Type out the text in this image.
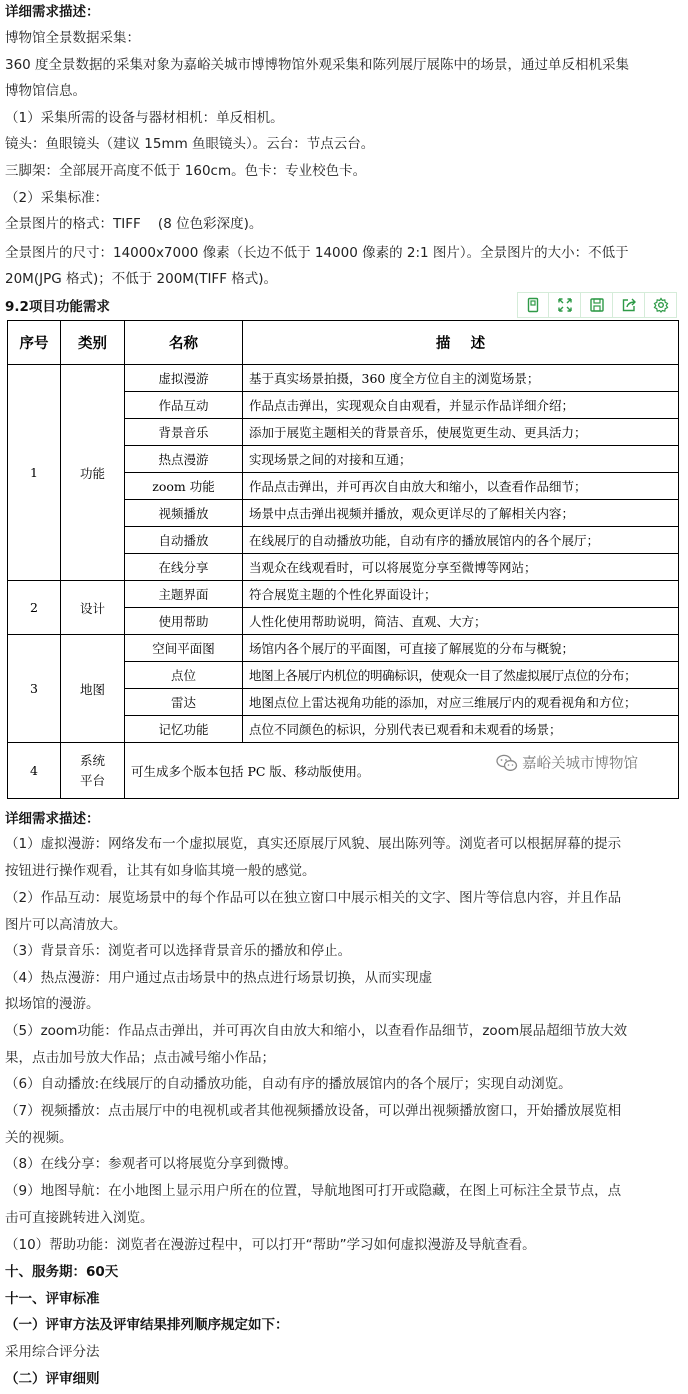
详细需求描述：
博物馆全景数据采集：
360 度全景数据的采集对象为嘉峪关城市博博物馆外观采集和陈列展厅展陈中的场景，通过单反相机采集
博物馆信息。
（1）采集所需的设备与器材相机：单反相机。
镜头：鱼眼镜头（建议 15mm 鱼眼镜头）。云台：节点云台。
三脚架：全部展开高度不低于 160cm。色卡：专业校色卡。
（2）采集标准：
全景图片的格式：TIFF    (8 位色彩深度)。
全景图片的尺寸：14000x7000 像素（长边不低于 14000 像素的 2:1 图片）。全景图片的大小：不低于
20M(JPG 格式)；不低于 200M(TIFF 格式)。
9.2项目功能需求
序号	类别	名称	描    述
1	功能	虚拟漫游	基于真实场景拍摄，360 度全方位自主的浏览场景；
		作品互动	作品点击弹出，实现观众自由观看，并显示作品详细介绍；
		背景音乐	添加于展览主题相关的背景音乐，使展览更生动、更具活力；
		热点漫游	实现场景之间的对接和互通；
		zoom 功能	作品点击弹出，并可再次自由放大和缩小，以查看作品细节；
		视频播放	场景中点击弹出视频并播放，观众更详尽的了解相关内容；
		自动播放	在线展厅的自动播放功能，自动有序的播放展馆内的各个展厅；
		在线分享	当观众在线观看时，可以将展览分享至微博等网站；
2	设计	主题界面	符合展览主题的个性化界面设计；
		使用帮助	人性化使用帮助说明，简洁、直观、大方；
3	地图	空间平面图	场馆内各个展厅的平面图，可直接了解展览的分布与概貌；
		点位	地图上各展厅内机位的明确标识，使观众一目了然虚拟展厅点位的分布；
		雷达	地图点位上雷达视角功能的添加，对应三维展厅内的观看视角和方位；
		记忆功能	点位不同颜色的标识，分别代表已观看和未观看的场景；
4	系统
平台	可生成多个版本包括 PC 版、移动版使用。		嘉峪关城市博物馆
详细需求描述：
（1）虚拟漫游：网络发布一个虚拟展览，真实还原展厅风貌、展出陈列等。浏览者可以根据屏幕的提示
按钮进行操作观看，让其有如身临其境一般的感觉。
（2）作品互动：展览场景中的每个作品可以在独立窗口中展示相关的文字、图片等信息内容，并且作品
图片可以高清放大。
（3）背景音乐：浏览者可以选择背景音乐的播放和停止。
（4）热点漫游：用户通过点击场景中的热点进行场景切换，从而实现虚
拟场馆的漫游。
（5）zoom功能：作品点击弹出，并可再次自由放大和缩小，以查看作品细节，zoom展品超细节放大效
果，点击加号放大作品；点击减号缩小作品；
（6）自动播放:在线展厅的自动播放功能，自动有序的播放展馆内的各个展厅；实现自动浏览。
（7）视频播放：点击展厅中的电视机或者其他视频播放设备，可以弹出视频播放窗口，开始播放展览相
关的视频。
（8）在线分享：参观者可以将展览分享到微博。
（9）地图导航：在小地图上显示用户所在的位置，导航地图可打开或隐藏，在图上可标注全景节点，点
击可直接跳转进入浏览。
（10）帮助功能：浏览者在漫游过程中，可以打开“帮助”学习如何虚拟漫游及导航查看。
十、服务期：60天
十一、评审标准
（一）评审方法及评审结果排列顺序规定如下：
采用综合评分法
（二）评审细则
